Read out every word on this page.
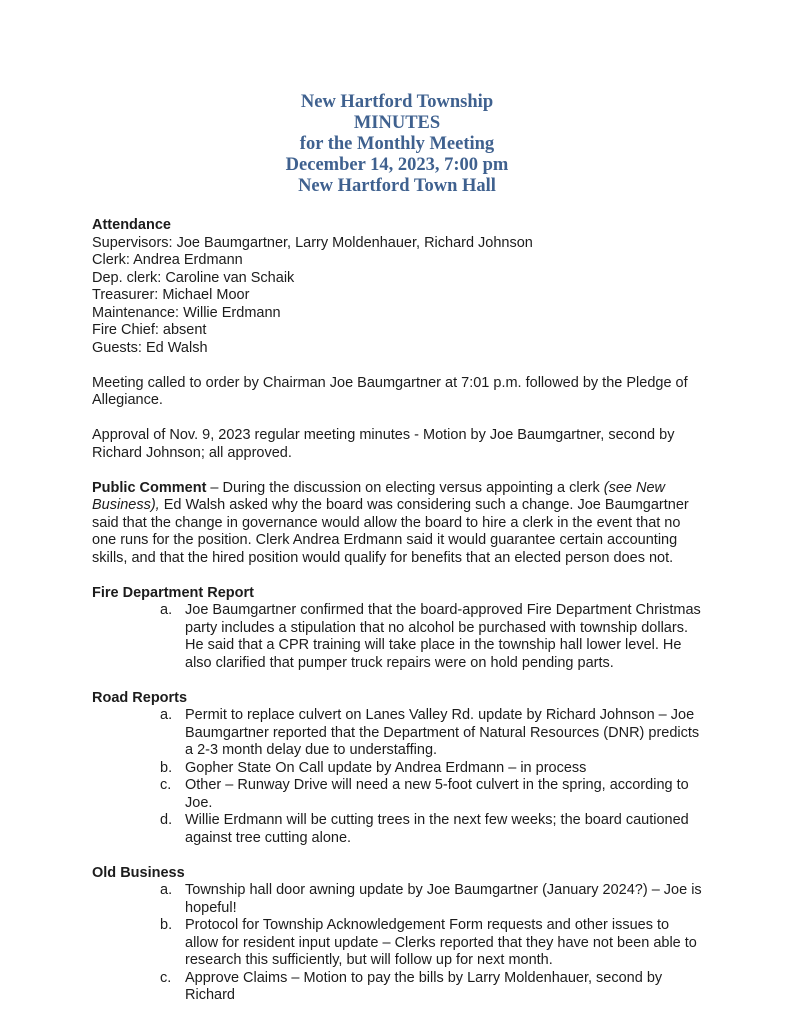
New Hartford Township
MINUTES
for the Monthly Meeting
December 14, 2023, 7:00 pm
New Hartford Town Hall

Attendance

Supervisors: Joe Baumgartner, Larry Moldenhauer, Richard Johnson

Clerk: Andrea Erdmann

Dep. clerk: Caroline van Schaik

Treasurer: Michael Moor

Maintenance: Willie Erdmann

Fire Chief: absent

Guests: Ed Walsh

Meeting called to order by Chairman Joe Baumgartner at 7:01 p.m. followed by the Pledge of Allegiance.

Approval of Nov. 9, 2023 regular meeting minutes - Motion by Joe Baumgartner, second by Richard Johnson; all approved.

Public Comment – During the discussion on electing versus appointing a clerk (see New Business), Ed Walsh asked why the board was considering such a change. Joe Baumgartner said that the change in governance would allow the board to hire a clerk in the event that no one runs for the position. Clerk Andrea Erdmann said it would guarantee certain accounting skills, and that the hired position would qualify for benefits that an elected person does not.

Fire Department Report

Joe Baumgartner confirmed that the board-approved Fire Department Christmas party includes a stipulation that no alcohol be purchased with township dollars. He said that a CPR training will take place in the township hall lower level. He also clarified that pumper truck repairs were on hold pending parts.

Road Reports

Permit to replace culvert on Lanes Valley Rd. update by Richard Johnson – Joe Baumgartner reported that the Department of Natural Resources (DNR) predicts a 2-3 month delay due to understaffing.
Gopher State On Call update by Andrea Erdmann – in process
Other – Runway Drive will need a new 5-foot culvert in the spring, according to Joe.
Willie Erdmann will be cutting trees in the next few weeks; the board cautioned against tree cutting alone.

Old Business

Township hall door awning update by Joe Baumgartner (January 2024?) – Joe is hopeful!
Protocol for Township Acknowledgement Form requests and other issues to allow for resident input update – Clerks reported that they have not been able to research this sufficiently, but will follow up for next month.
Approve Claims – Motion to pay the bills by Larry Moldenhauer, second by Richard
